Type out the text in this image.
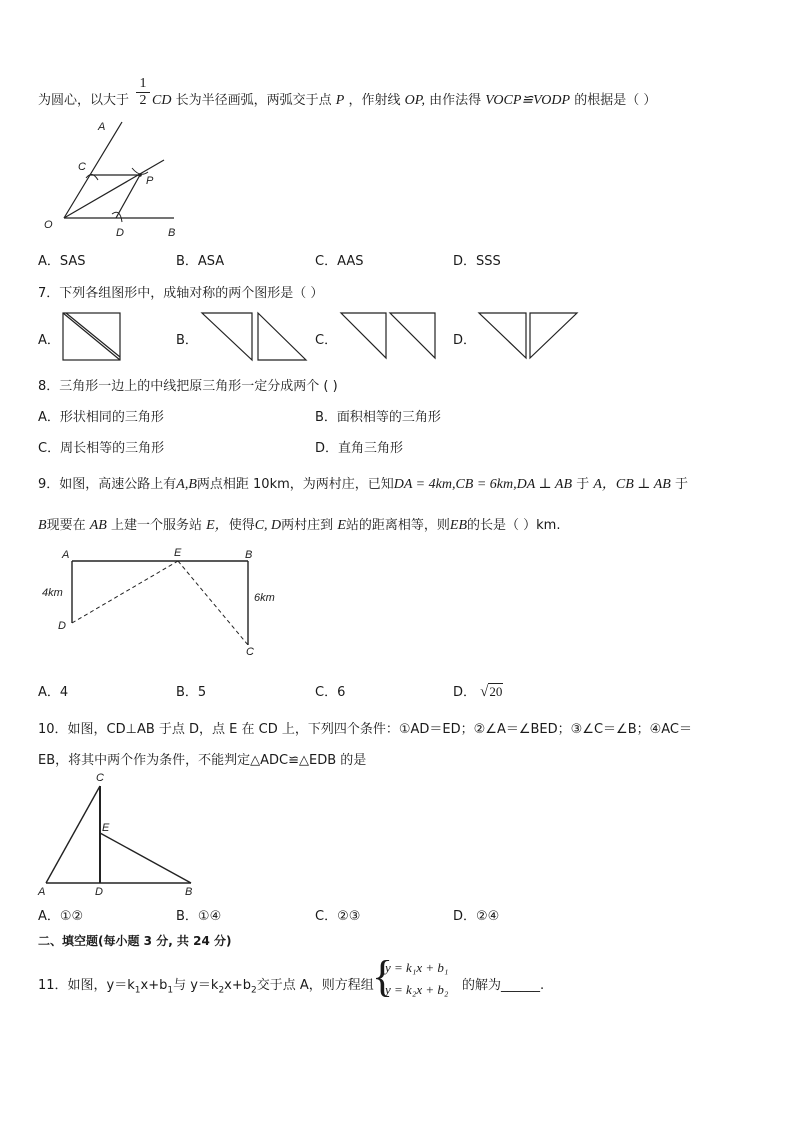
为圆心，以大于 $\frac{1}{2}$ CD 长为半径画弧，两弧交于点 P ，作射线 OP, 由作法得 VOCP≌VODP 的根据是（ ）
A
C
P
O
D	B
A．SAS	B．ASA	C．AAS	D．SSS
7．下列各组图形中，成轴对称的两个图形是（ ）
A．	B．	C．	D．
8．三角形一边上的中线把原三角形一定分成两个 ( )
A．形状相同的三角形	B．面积相等的三角形
C．周长相等的三角形	D．直角三角形
9．如图，高速公路上有A,B两点相距 10km，为两村庄，已知DA = 4km,CB = 6km,DA ⊥ AB 于 A，CB ⊥ AB 于
B现要在 AB 上建一个服务站 E，使得C, D两村庄到 E站的距离相等，则EB的长是（ ）km.
A	E	B
D
C
4km	6km
A．4	B．5	C．6	D． √20
10．如图，CD⊥AB 于点 D，点 E 在 CD 上，下列四个条件：①AD＝ED；②∠A＝∠BED；③∠C＝∠B；④AC＝
EB，将其中两个作为条件，不能判定△ADC≌△EDB 的是
C
E
A	D	B
A．①②	B．①④	C．②③	D．②④
二、填空题(每小题 3 分, 共 24 分)
11．如图，$y=k_1x+b_1$与 $y=k_2x+b_2$交于点 A，则方程组
{
y = k₁x + b₁
y = k₂x + b₂ 的解为______.
